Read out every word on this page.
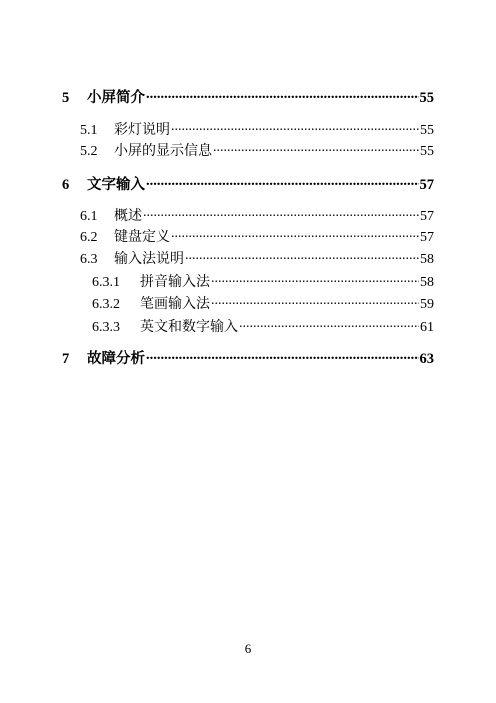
5	小屏简介 .....	55
5.1	彩灯说明 .....	55
5.2	小屏的显示信息 .....	55
6	文字输入 .....	57
6.1	概述 .....	57
6.2	键盘定义 .....	57
6.3	输入法说明 .....	58
6.3.1	拼音输入法 .....	58
6.3.2	笔画输入法 .....	59
6.3.3	英文和数字输入 .....	61
7	故障分析 .....	63
6
